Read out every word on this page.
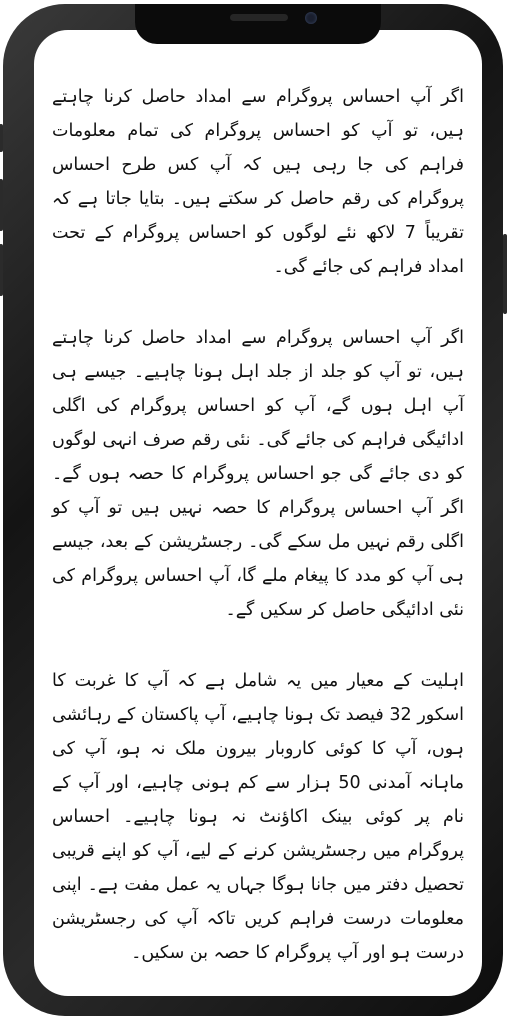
اگر آپ احساس پروگرام سے امداد حاصل کرنا چاہتے ہیں، تو آپ کو احساس پروگرام کی تمام معلومات فراہم کی جا رہی ہیں کہ آپ کس طرح احساس پروگرام کی رقم حاصل کر سکتے ہیں۔ بتایا جاتا ہے کہ تقریباً 7 لاکھ نئے لوگوں کو احساس پروگرام کے تحت امداد فراہم کی جائے گی۔

اگر آپ احساس پروگرام سے امداد حاصل کرنا چاہتے ہیں، تو آپ کو جلد از جلد اہل ہونا چاہیے۔ جیسے ہی آپ اہل ہوں گے، آپ کو احساس پروگرام کی اگلی ادائیگی فراہم کی جائے گی۔ نئی رقم صرف انہی لوگوں کو دی جائے گی جو احساس پروگرام کا حصہ ہوں گے۔ اگر آپ احساس پروگرام کا حصہ نہیں ہیں تو آپ کو اگلی رقم نہیں مل سکے گی۔ رجسٹریشن کے بعد، جیسے ہی آپ کو مدد کا پیغام ملے گا، آپ احساس پروگرام کی نئی ادائیگی حاصل کر سکیں گے۔

اہلیت کے معیار میں یہ شامل ہے کہ آپ کا غربت کا اسکور 32 فیصد تک ہونا چاہیے، آپ پاکستان کے رہائشی ہوں، آپ کا کوئی کاروبار بیرون ملک نہ ہو، آپ کی ماہانہ آمدنی 50 ہزار سے کم ہونی چاہیے، اور آپ کے نام پر کوئی بینک اکاؤنٹ نہ ہونا چاہیے۔ احساس پروگرام میں رجسٹریشن کرنے کے لیے، آپ کو اپنے قریبی تحصیل دفتر میں جانا ہوگا جہاں یہ عمل مفت ہے۔ اپنی معلومات درست فراہم کریں تاکہ آپ کی رجسٹریشن درست ہو اور آپ پروگرام کا حصہ بن سکیں۔
